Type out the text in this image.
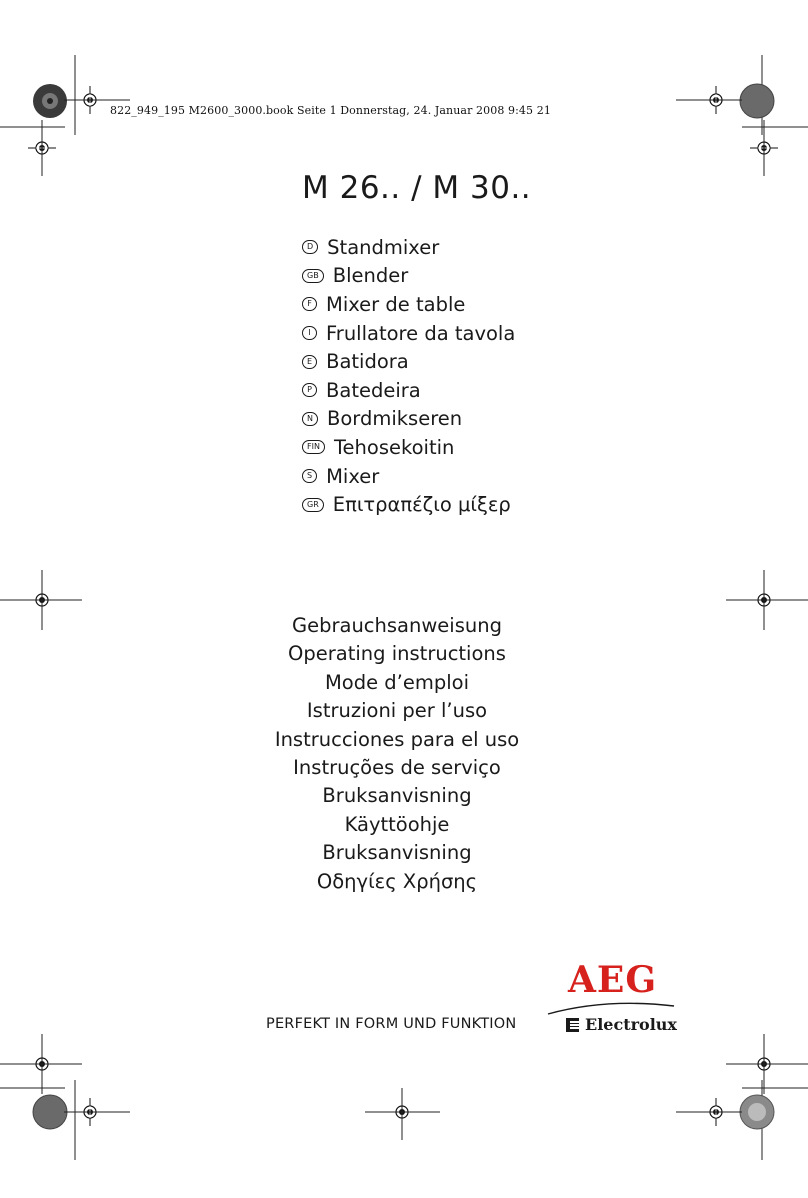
822_949_195 M2600_3000.book Seite 1 Donnerstag, 24. Januar 2008 9:45 21
M 26.. / M 30..
D Standmixer
GB Blender
F Mixer de table
I Frullatore da tavola
E Batidora
P Batedeira
N Bordmikseren
FIN Tehosekoitin
S Mixer
GR Επιτραπέζιο μίξερ
Gebrauchsanweisung
Operating instructions
Mode d’emploi
Istruzioni per l’uso
Instrucciones para el uso
Instruções de serviço
Bruksanvisning
Käyttöohje
Bruksanvisning
Οδηγίες Χρήσης
PERFEKT IN FORM UND FUNKTION
AEG
Electrolux
